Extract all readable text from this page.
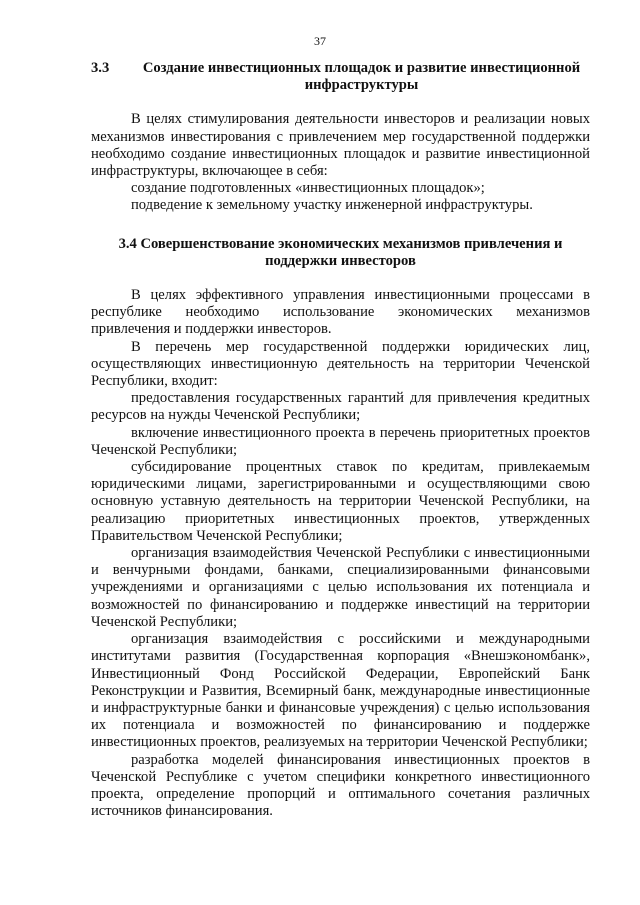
37
3.3 Создание инвестиционных площадок и развитие инвестиционной инфраструктуры

В целях стимулирования деятельности инвесторов и реализации новых механизмов инвестирования с привлечением мер государственной поддержки необходимо создание инвестиционных площадок и развитие инвестиционной инфраструктуры, включающее в себя:

создание подготовленных «инвестиционных площадок»;

подведение к земельному участку инженерной инфраструктуры.

3.4 Совершенствование экономических механизмов привлечения и поддержки инвесторов

В целях эффективного управления инвестиционными процессами в республике необходимо использование экономических механизмов привлечения и поддержки инвесторов.

В перечень мер государственной поддержки юридических лиц, осуществляющих инвестиционную деятельность на территории Чеченской Республики, входит:

предоставления государственных гарантий для привлечения кредитных ресурсов на нужды Чеченской Республики;

включение инвестиционного проекта в перечень приоритетных проектов Чеченской Республики;

субсидирование процентных ставок по кредитам, привлекаемым юридическими лицами, зарегистрированными и осуществляющими свою основную уставную деятельность на территории Чеченской Республики, на реализацию приоритетных инвестиционных проектов, утвержденных Правительством Чеченской Республики;

организация взаимодействия Чеченской Республики с инвестиционными и венчурными фондами, банками, специализированными финансовыми учреждениями и организациями с целью использования их потенциала и возможностей по финансированию и поддержке инвестиций на территории Чеченской Республики;

организация взаимодействия с российскими и международными институтами развития (Государственная корпорация «Внешэкономбанк», Инвестиционный Фонд Российской Федерации, Европейский Банк Реконструкции и Развития, Всемирный банк, международные инвестиционные и инфраструктурные банки и финансовые учреждения) с целью использования их потенциала и возможностей по финансированию и поддержке инвестиционных проектов, реализуемых на территории Чеченской Республики;

разработка моделей финансирования инвестиционных проектов в Чеченской Республике с учетом специфики конкретного инвестиционного проекта, определение пропорций и оптимального сочетания различных источников финансирования.
